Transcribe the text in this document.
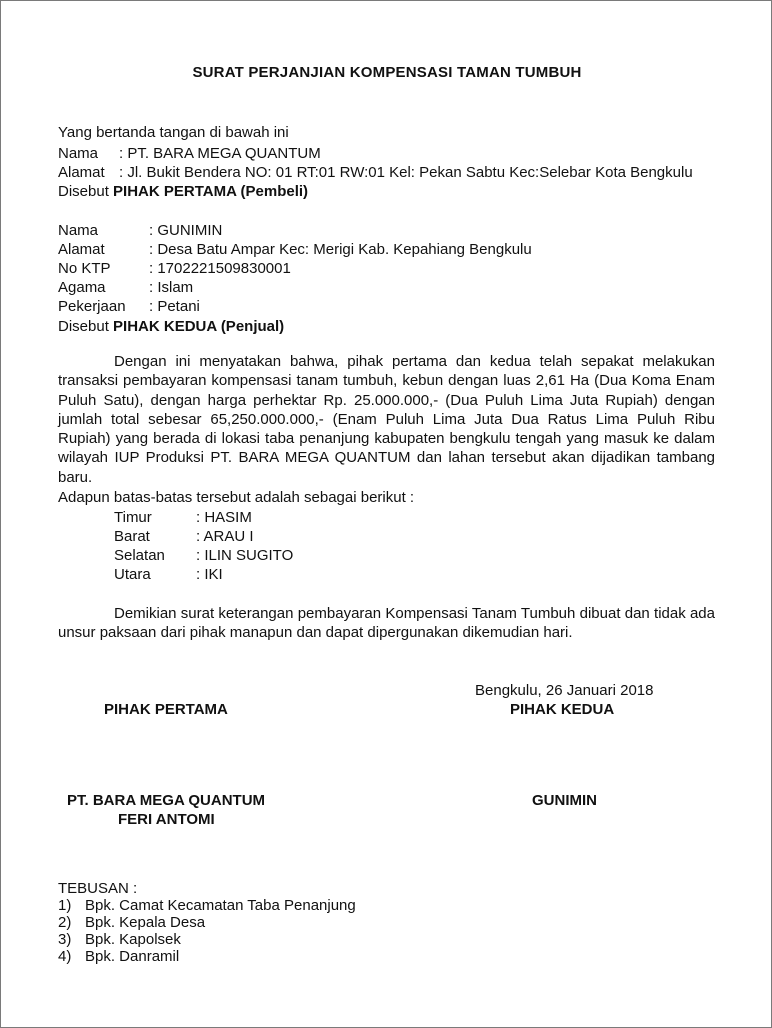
SURAT PERJANJIAN KOMPENSASI TAMAN TUMBUH
Yang bertanda tangan di bawah ini
Nama : PT. BARA MEGA QUANTUM
Alamat : Jl. Bukit Bendera NO: 01 RT:01 RW:01 Kel: Pekan Sabtu Kec:Selebar Kota Bengkulu
Disebut PIHAK PERTAMA (Pembeli)
Nama	: GUNIMIN
Alamat	: Desa Batu Ampar Kec: Merigi Kab. Kepahiang Bengkulu
No KTP	: 1702221509830001
Agama	: Islam
Pekerjaan : Petani
Disebut PIHAK KEDUA (Penjual)
Dengan ini menyatakan bahwa, pihak pertama dan kedua telah sepakat melakukan transaksi pembayaran kompensasi tanam tumbuh, kebun dengan luas 2,61 Ha (Dua Koma Enam Puluh Satu), dengan harga perhektar Rp. 25.000.000,- (Dua Puluh Lima Juta Rupiah) dengan jumlah total sebesar 65,250.000.000,- (Enam Puluh Lima Juta Dua Ratus Lima Puluh Ribu Rupiah) yang berada di lokasi taba penanjung kabupaten bengkulu tengah yang masuk ke dalam wilayah IUP Produksi PT. BARA MEGA QUANTUM dan lahan tersebut akan dijadikan tambang baru.
Adapun batas-batas tersebut adalah sebagai berikut :
Timur	: HASIM
Barat	: ARAU I
Selatan : ILIN SUGITO
Utara	: IKI
Demikian surat keterangan pembayaran Kompensasi Tanam Tumbuh dibuat dan tidak ada unsur paksaan dari pihak manapun dan dapat dipergunakan dikemudian hari.
Bengkulu, 26 Januari 2018
PIHAK PERTAMA	PIHAK KEDUA
PT. BARA MEGA QUANTUM
FERI ANTOMI
GUNIMIN
TEBUSAN :
1) Bpk. Camat Kecamatan Taba Penanjung
2) Bpk. Kepala Desa
3) Bpk. Kapolsek
4) Bpk. Danramil
